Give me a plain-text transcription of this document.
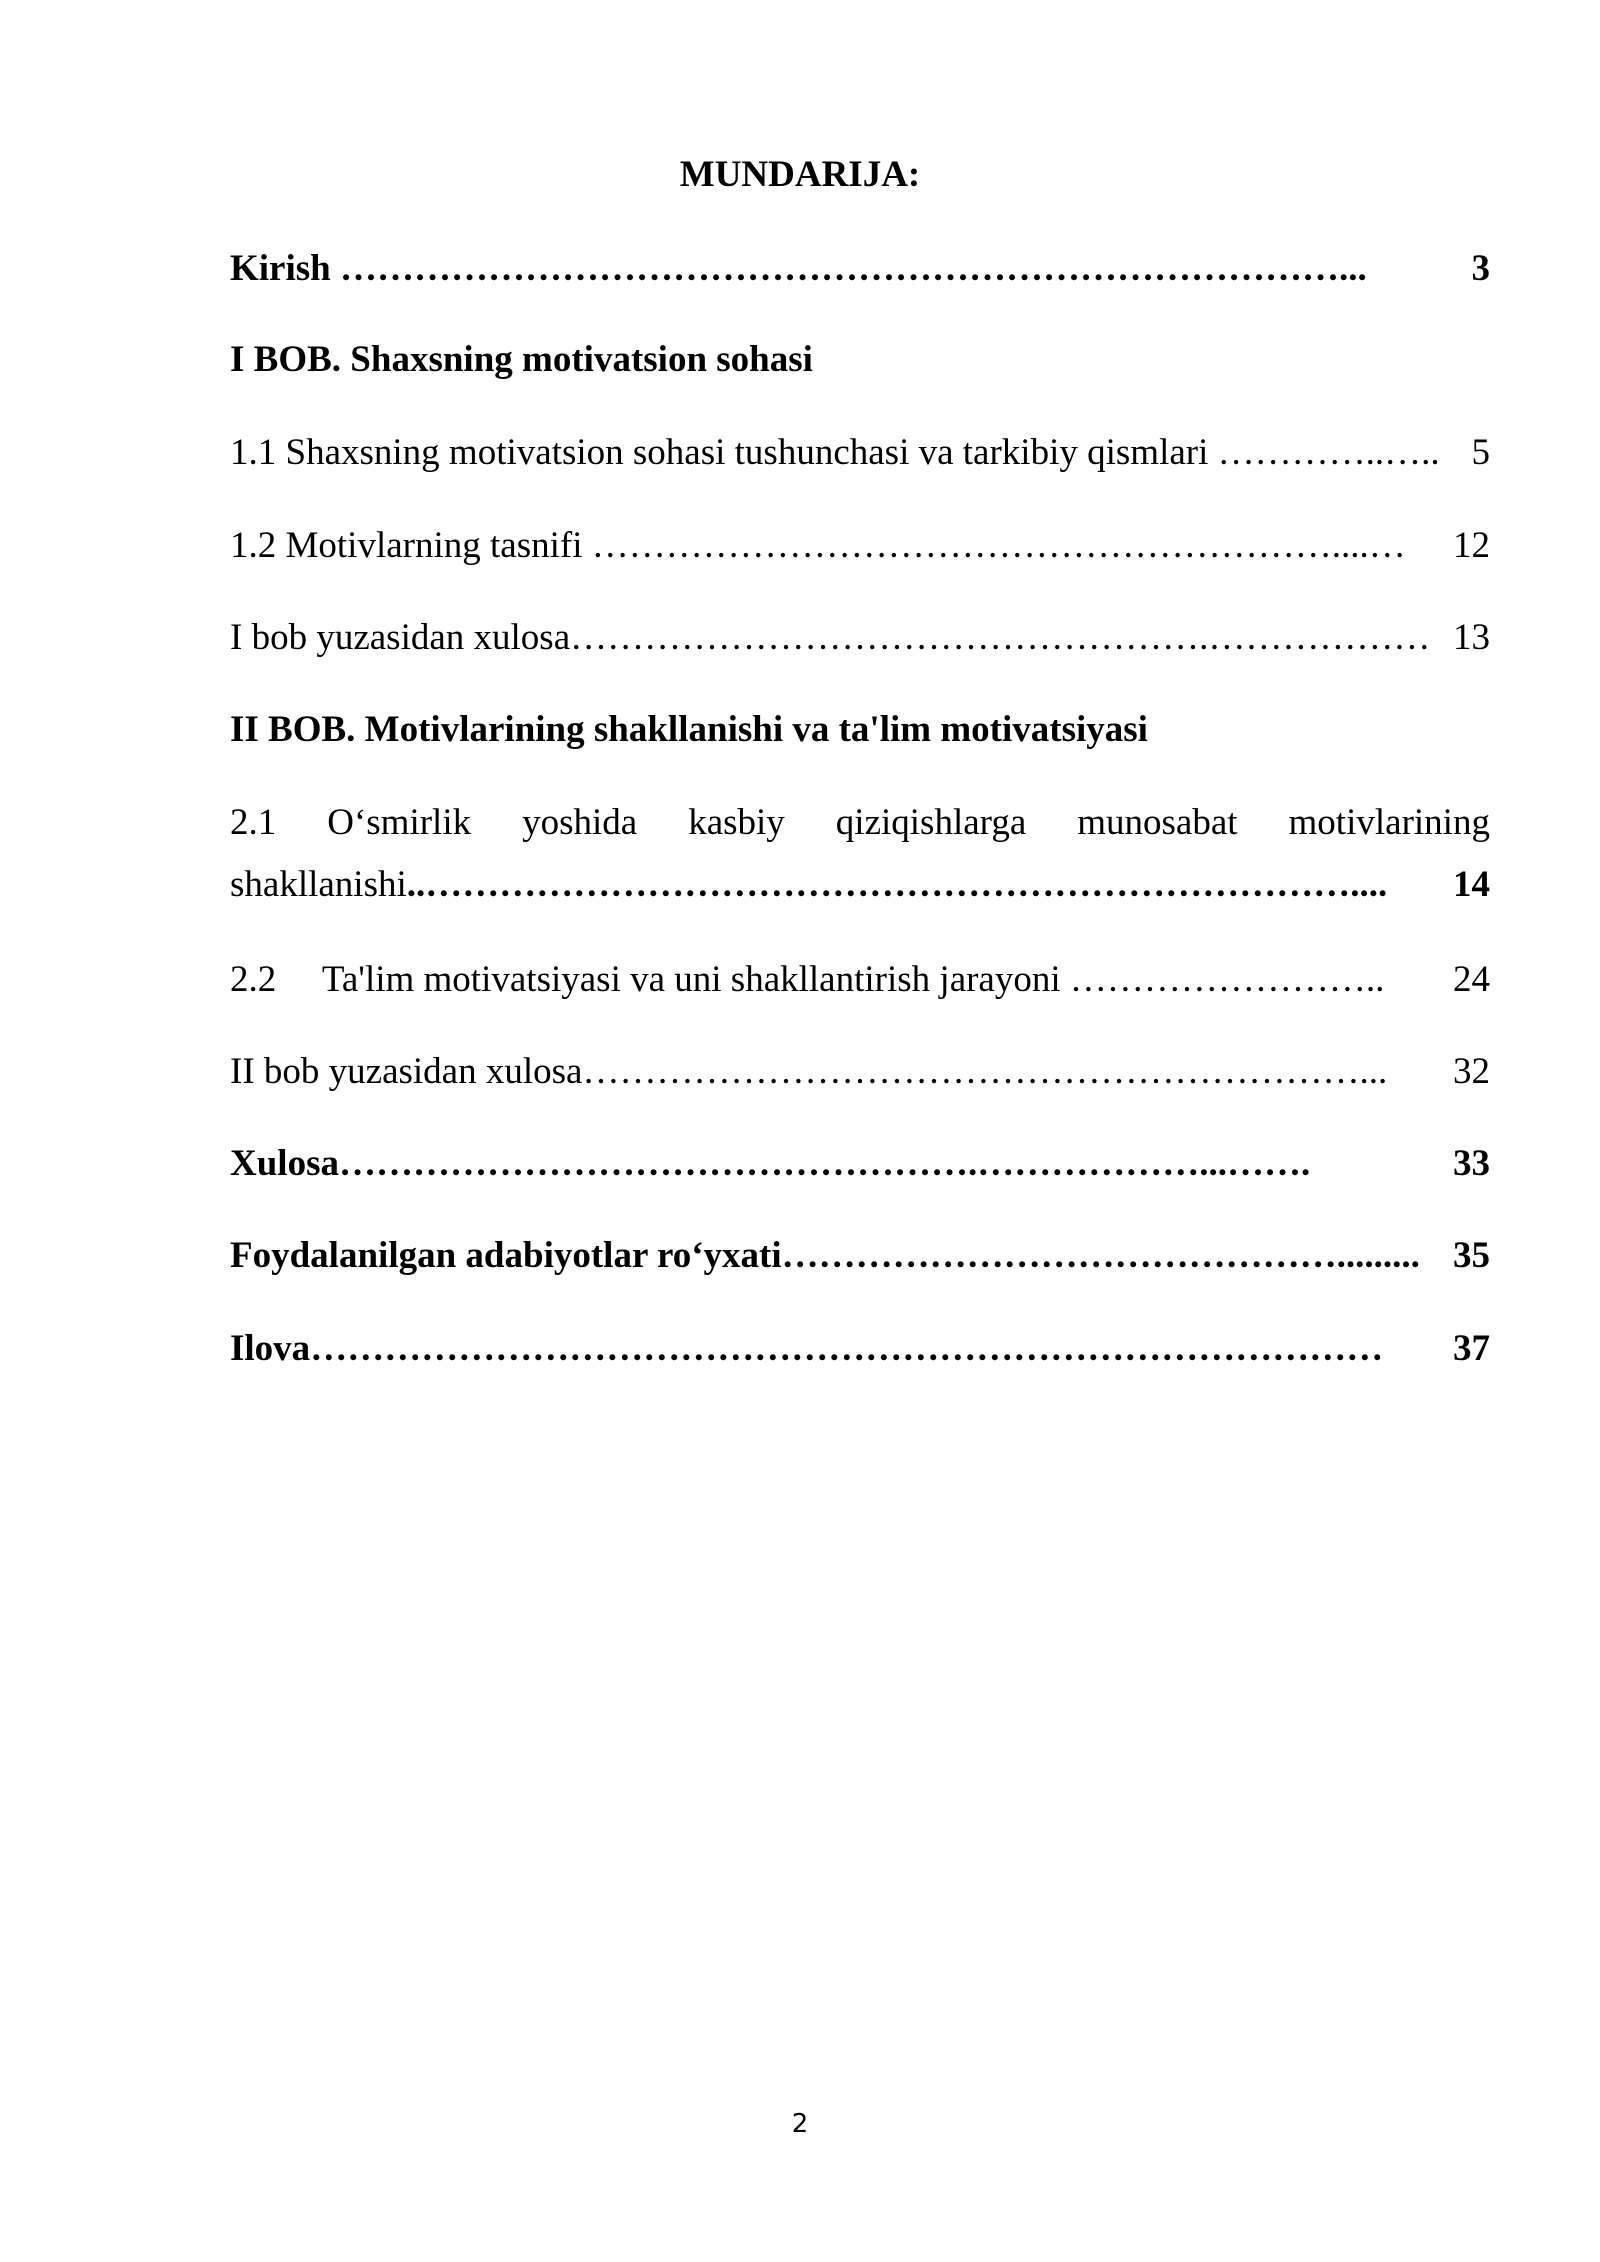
MUNDARIJA:
Kirish ………………………………………………………………………...	3
I BOB. Shaxsning motivatsion sohasi
1.1 Shaxsning motivatsion sohasi tushunchasi va tarkibiy qismlari …………..….. 5
1.2 Motivlarning tasnifi ……………………………………………………....… 12
I bob yuzasidan xulosa…………………………………………….……………… 13
II BOB. Motivlarining shakllanishi va ta'lim motivatsiyasi
2.1 O‘smirlik yoshida kasbiy qiziqishlarga munosabat motivlarining
shakllanishi..………………………………………………………………….... 14
2.2     Ta'lim motivatsiyasi va uni shakllantirish jarayoni …………………….. 24
II bob yuzasidan xulosa………………………………………………………... 32
Xulosa…………………………………………….………………...…….	33
Foydalanilgan adabiyotlar ro‘yxati………………………………………......... 35
Ilova…………………………………………………………………………… 37
2
